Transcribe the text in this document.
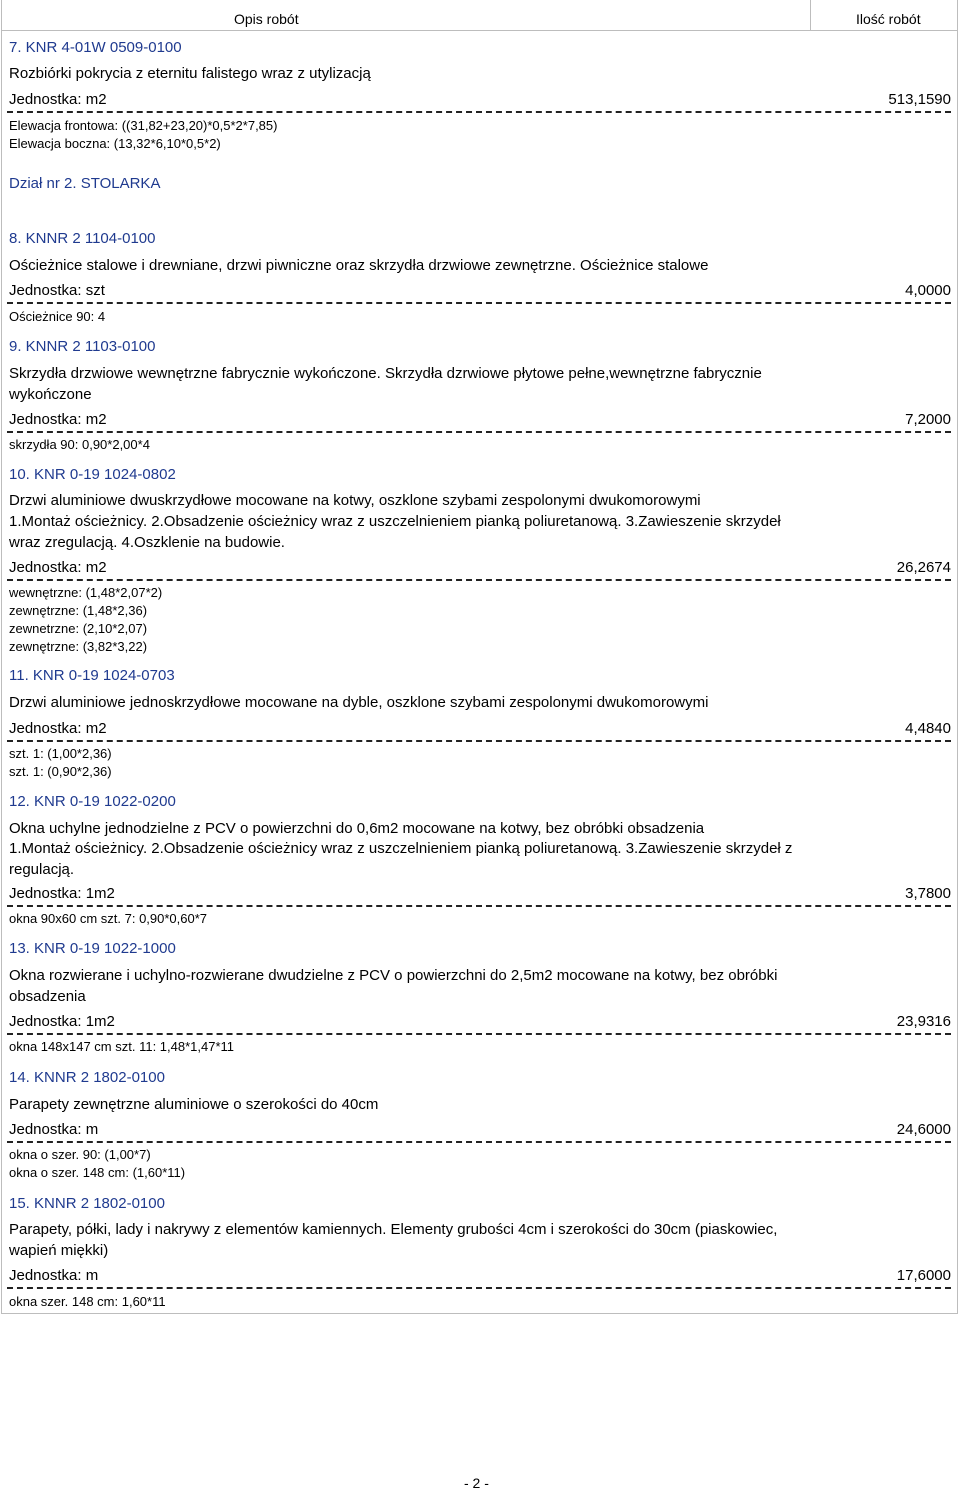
Opis robót	Ilość robót
7. KNR 4-01W 0509-0100
Rozbiórki pokrycia z eternitu falistego wraz z utylizacją
Jednostka: m2	513,1590
Elewacja frontowa: ((31,82+23,20)*0,5*2*7,85)
Elewacja boczna: (13,32*6,10*0,5*2)
Dział nr 2. STOLARKA
8. KNNR 2 1104-0100
Ościeżnice stalowe i drewniane, drzwi piwniczne oraz skrzydła drzwiowe zewnętrzne. Ościeżnice stalowe
Jednostka: szt	4,0000
Ościeżnice 90: 4
9. KNNR 2 1103-0100
Skrzydła drzwiowe wewnętrzne fabrycznie wykończone. Skrzydła dzrwiowe płytowe pełne,wewnętrzne fabrycznie
wykończone
Jednostka: m2	7,2000
skrzydła 90: 0,90*2,00*4
10. KNR 0-19 1024-0802
Drzwi aluminiowe dwuskrzydłowe mocowane na kotwy, oszklone szybami zespolonymi dwukomorowymi
1.Montaż ościeżnicy. 2.Obsadzenie ościeżnicy wraz z uszczelnieniem pianką poliuretanową. 3.Zawieszenie skrzydeł
wraz zregulacją. 4.Oszklenie na budowie.
Jednostka: m2	26,2674
wewnętrzne: (1,48*2,07*2)
zewnętrzne: (1,48*2,36)
zewnetrzne: (2,10*2,07)
zewnętrzne: (3,82*3,22)
11. KNR 0-19 1024-0703
Drzwi aluminiowe jednoskrzydłowe mocowane na dyble, oszklone szybami zespolonymi dwukomorowymi
Jednostka: m2	4,4840
szt. 1: (1,00*2,36)
szt. 1: (0,90*2,36)
12. KNR 0-19 1022-0200
Okna uchylne jednodzielne z PCV o powierzchni do 0,6m2 mocowane na kotwy, bez obróbki obsadzenia
1.Montaż ościeżnicy. 2.Obsadzenie ościeżnicy wraz z uszczelnieniem pianką poliuretanową. 3.Zawieszenie skrzydeł z
regulacją.
Jednostka: 1m2	3,7800
okna 90x60 cm szt. 7: 0,90*0,60*7
13. KNR 0-19 1022-1000
Okna rozwierane i uchylno-rozwierane dwudzielne z PCV o powierzchni do 2,5m2 mocowane na kotwy, bez obróbki
obsadzenia
Jednostka: 1m2	23,9316
okna 148x147 cm szt. 11: 1,48*1,47*11
14. KNNR 2 1802-0100
Parapety zewnętrzne aluminiowe o szerokości do 40cm
Jednostka: m	24,6000
okna o szer. 90: (1,00*7)
okna o szer. 148 cm: (1,60*11)
15. KNNR 2 1802-0100
Parapety, półki, lady i nakrywy z elementów kamiennych. Elementy grubości 4cm i szerokości do 30cm (piaskowiec,
wapień miękki)
Jednostka: m	17,6000
okna szer. 148 cm: 1,60*11
- 2 -
